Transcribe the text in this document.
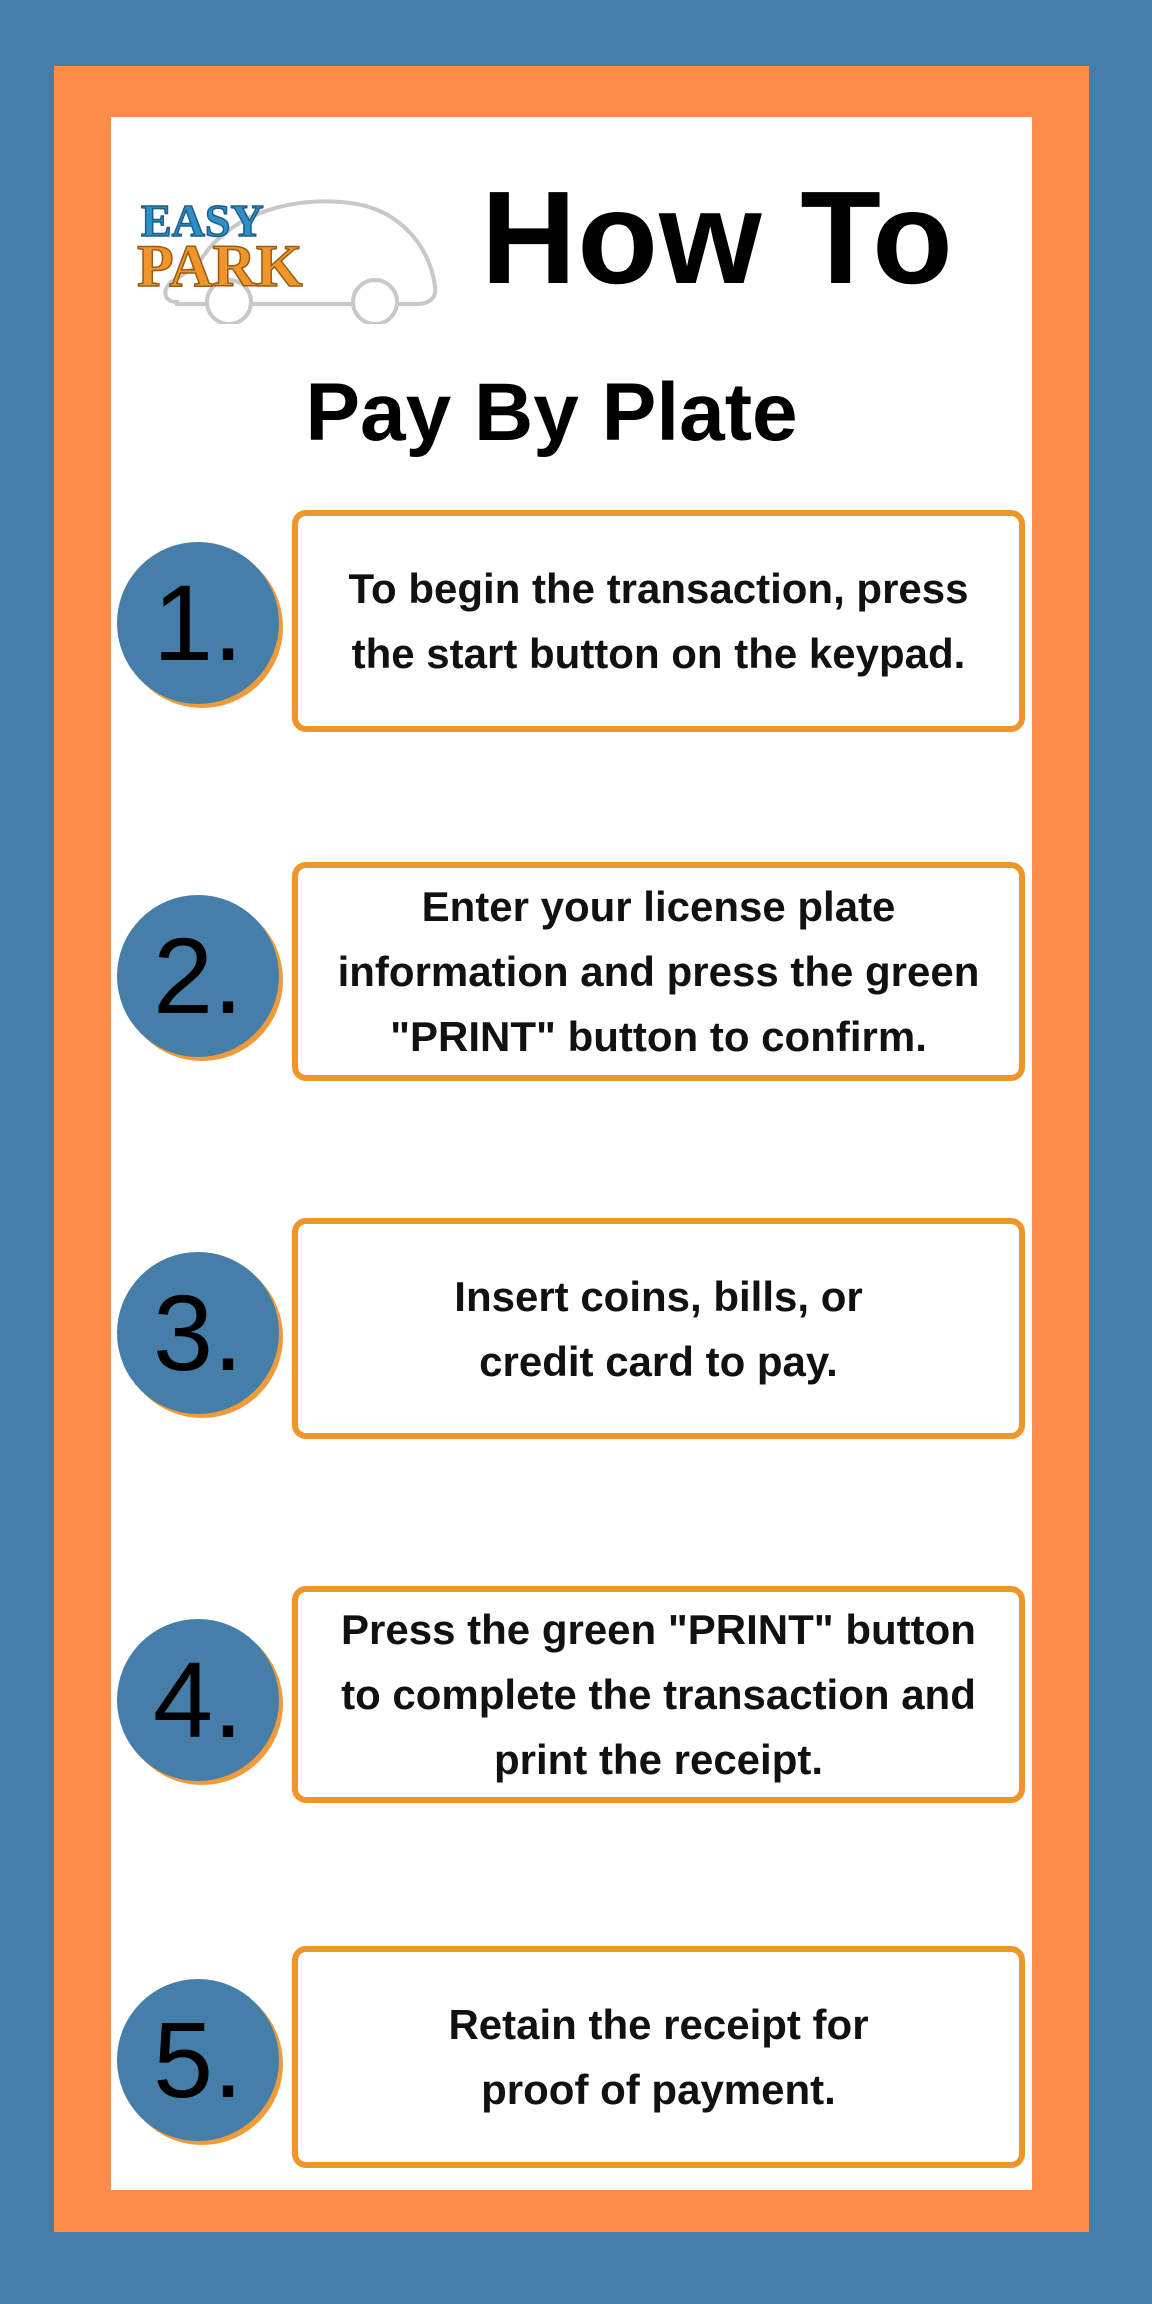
EASY
PARK How To
Pay By Plate
1.	To begin the transaction, press
the start button on the keypad.
2.
Enter your license plate
information and press the green
"PRINT" button to confirm.
3.	Insert coins, bills, or
credit card to pay.
4.
Press the green "PRINT" button
to complete the transaction and
print the receipt.
5.	Retain the receipt for
proof of payment.
